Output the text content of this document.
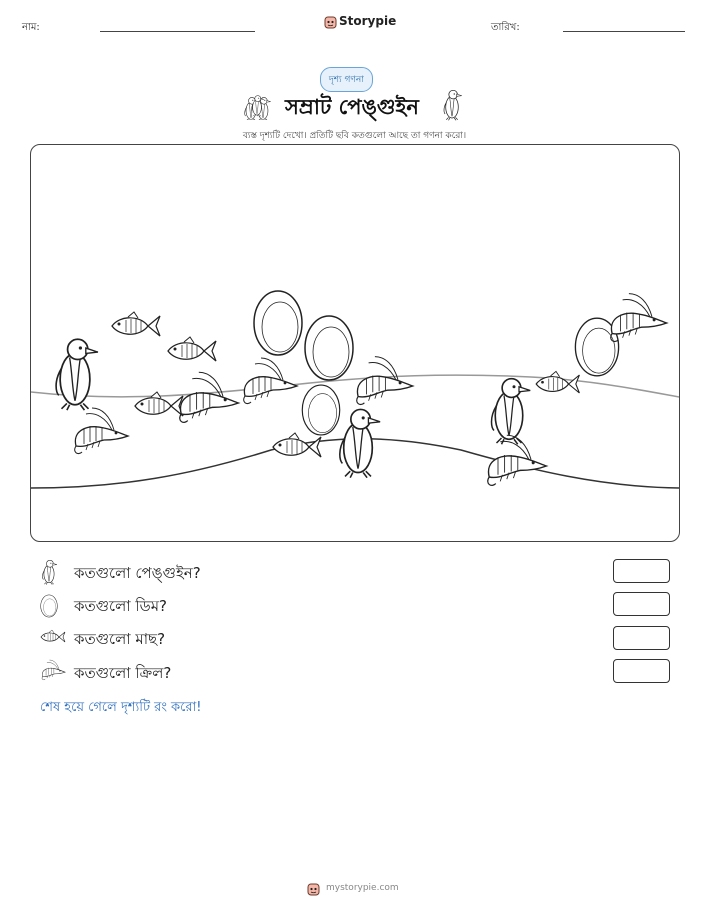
নাম:	Storypie	তারিখ:
দৃশ্য গণনা
সম্রাট পেঙ্গুইন
ব্যস্ত দৃশ্যটি দেখো। প্রতিটি ছবি কতগুলো আছে তা গণনা করো।
কতগুলো পেঙ্গুইন?
কতগুলো ডিম?
কতগুলো মাছ?
কতগুলো ক্রিল?
শেষ হয়ে গেলে দৃশ্যটি রং করো!
mystorypie.com
